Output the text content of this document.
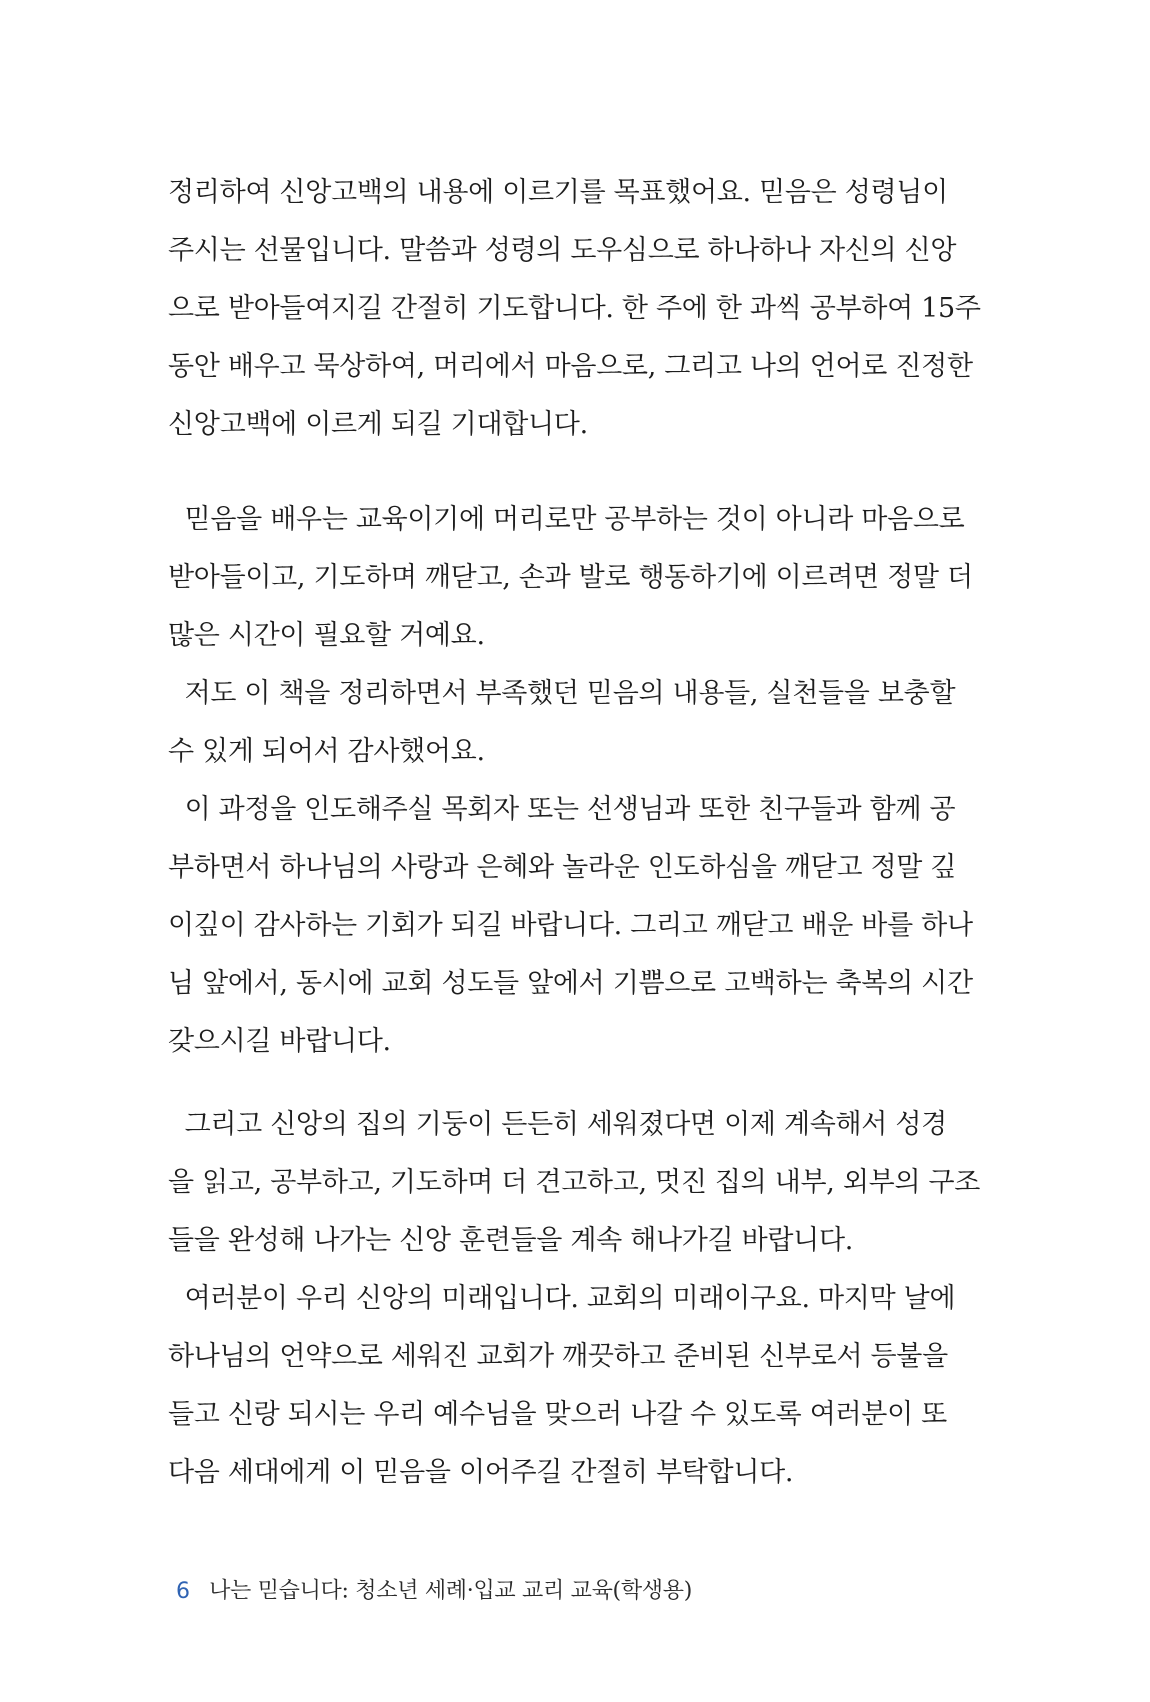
정리하여 신앙고백의 내용에 이르기를 목표했어요. 믿음은 성령님이
주시는 선물입니다. 말씀과 성령의 도우심으로 하나하나 자신의 신앙
으로 받아들여지길 간절히 기도합니다. 한 주에 한 과씩 공부하여 15주
동안 배우고 묵상하여, 머리에서 마음으로, 그리고 나의 언어로 진정한
신앙고백에 이르게 되길 기대합니다.
믿음을 배우는 교육이기에 머리로만 공부하는 것이 아니라 마음으로
받아들이고, 기도하며 깨닫고, 손과 발로 행동하기에 이르려면 정말 더
많은 시간이 필요할 거예요.
저도 이 책을 정리하면서 부족했던 믿음의 내용들, 실천들을 보충할
수 있게 되어서 감사했어요.
이 과정을 인도해주실 목회자 또는 선생님과 또한 친구들과 함께 공
부하면서 하나님의 사랑과 은혜와 놀라운 인도하심을 깨닫고 정말 깊
이깊이 감사하는 기회가 되길 바랍니다. 그리고 깨닫고 배운 바를 하나
님 앞에서, 동시에 교회 성도들 앞에서 기쁨으로 고백하는 축복의 시간
갖으시길 바랍니다.
그리고 신앙의 집의 기둥이 든든히 세워졌다면 이제 계속해서 성경
을 읽고, 공부하고, 기도하며 더 견고하고, 멋진 집의 내부, 외부의 구조
들을 완성해 나가는 신앙 훈련들을 계속 해나가길 바랍니다.
여러분이 우리 신앙의 미래입니다. 교회의 미래이구요. 마지막 날에
하나님의 언약으로 세워진 교회가 깨끗하고 준비된 신부로서 등불을
들고 신랑 되시는 우리 예수님을 맞으러 나갈 수 있도록 여러분이 또
다음 세대에게 이 믿음을 이어주길 간절히 부탁합니다.
6 나는 믿습니다: 청소년 세례·입교 교리 교육(학생용)
